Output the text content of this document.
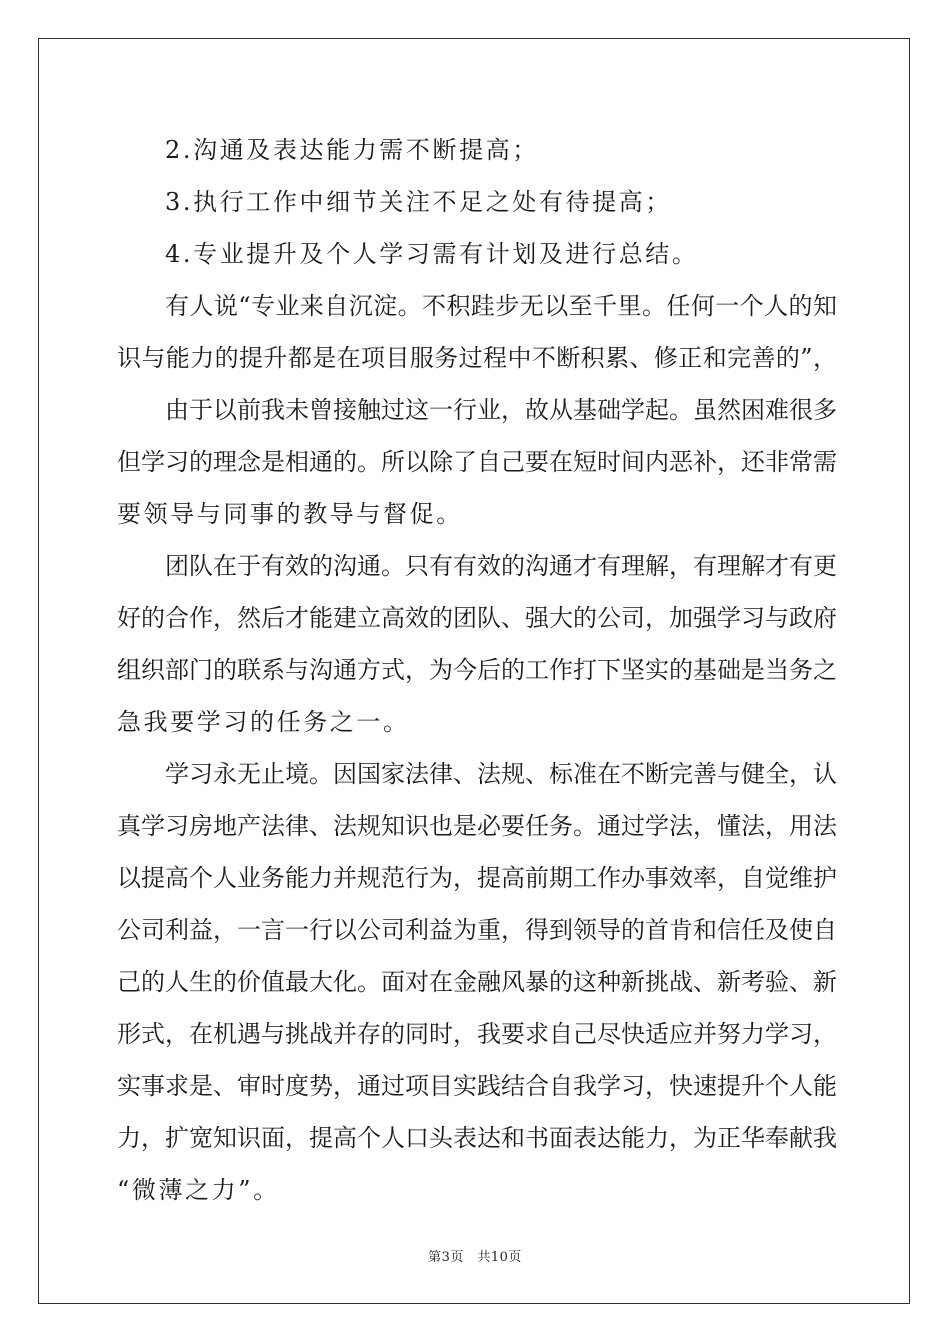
2.沟通及表达能力需不断提高；
3.执行工作中细节关注不足之处有待提高；
4.专业提升及个人学习需有计划及进行总结。
有人说“专业来自沉淀。不积跬步无以至千里。任何一个人的知
识与能力的提升都是在项目服务过程中不断积累、修正和完善的”，
由于以前我未曾接触过这一行业，故从基础学起。虽然困难很多
但学习的理念是相通的。所以除了自己要在短时间内恶补，还非常需
要领导与同事的教导与督促。
团队在于有效的沟通。只有有效的沟通才有理解，有理解才有更
好的合作，然后才能建立高效的团队、强大的公司，加强学习与政府
组织部门的联系与沟通方式，为今后的工作打下坚实的基础是当务之
急我要学习的任务之一。
学习永无止境。因国家法律、法规、标准在不断完善与健全，认
真学习房地产法律、法规知识也是必要任务。通过学法，懂法，用法
以提高个人业务能力并规范行为，提高前期工作办事效率，自觉维护
公司利益，一言一行以公司利益为重，得到领导的首肯和信任及使自
己的人生的价值最大化。面对在金融风暴的这种新挑战、新考验、新
形式，在机遇与挑战并存的同时，我要求自己尽快适应并努力学习，
实事求是、审时度势，通过项目实践结合自我学习，快速提升个人能
力，扩宽知识面，提高个人口头表达和书面表达能力，为正华奉献我
“微薄之力”。
第3页　共10页
